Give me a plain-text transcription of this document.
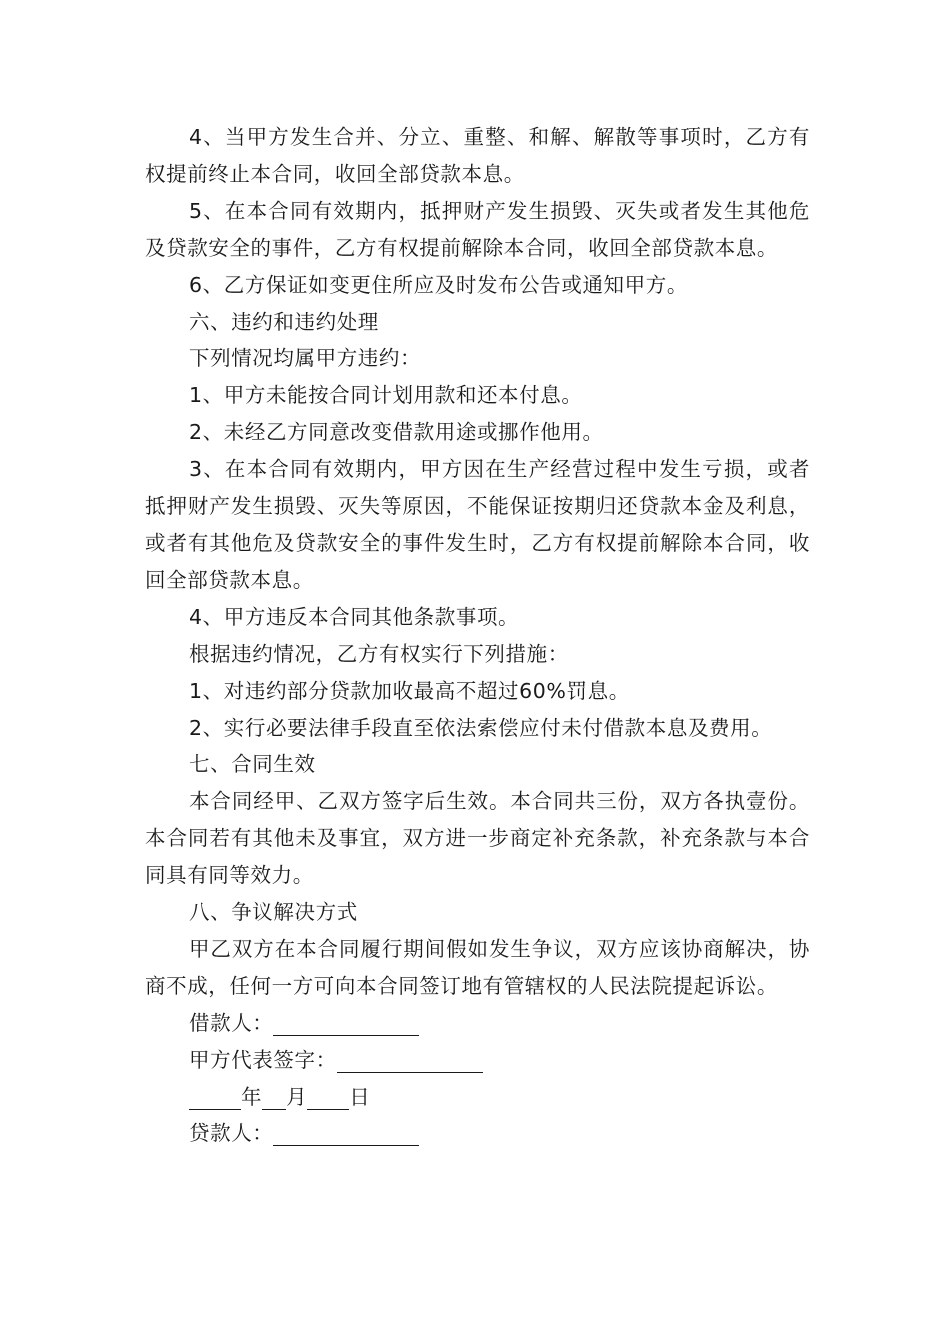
4、当甲方发生合并、分立、重整、和解、解散等事项时，乙方有权提前终止本合同，收回全部贷款本息。

5、在本合同有效期内，抵押财产发生损毁、灭失或者发生其他危及贷款安全的事件，乙方有权提前解除本合同，收回全部贷款本息。

6、乙方保证如变更住所应及时发布公告或通知甲方。

六、违约和违约处理

下列情况均属甲方违约：

1、甲方未能按合同计划用款和还本付息。

2、未经乙方同意改变借款用途或挪作他用。

3、在本合同有效期内，甲方因在生产经营过程中发生亏损，或者抵押财产发生损毁、灭失等原因，不能保证按期归还贷款本金及利息，或者有其他危及贷款安全的事件发生时，乙方有权提前解除本合同，收回全部贷款本息。

4、甲方违反本合同其他条款事项。

根据违约情况，乙方有权实行下列措施：

1、对违约部分贷款加收最高不超过60%罚息。

2、实行必要法律手段直至依法索偿应付未付借款本息及费用。

七、合同生效

本合同经甲、乙双方签字后生效。本合同共三份，双方各执壹份。本合同若有其他未及事宜，双方进一步商定补充条款，补充条款与本合同具有同等效力。

八、争议解决方式

甲乙双方在本合同履行期间假如发生争议，双方应该协商解决，协商不成，任何一方可向本合同签订地有管辖权的人民法院提起诉讼。

借款人：

甲方代表签字：

年 月 日

贷款人：
